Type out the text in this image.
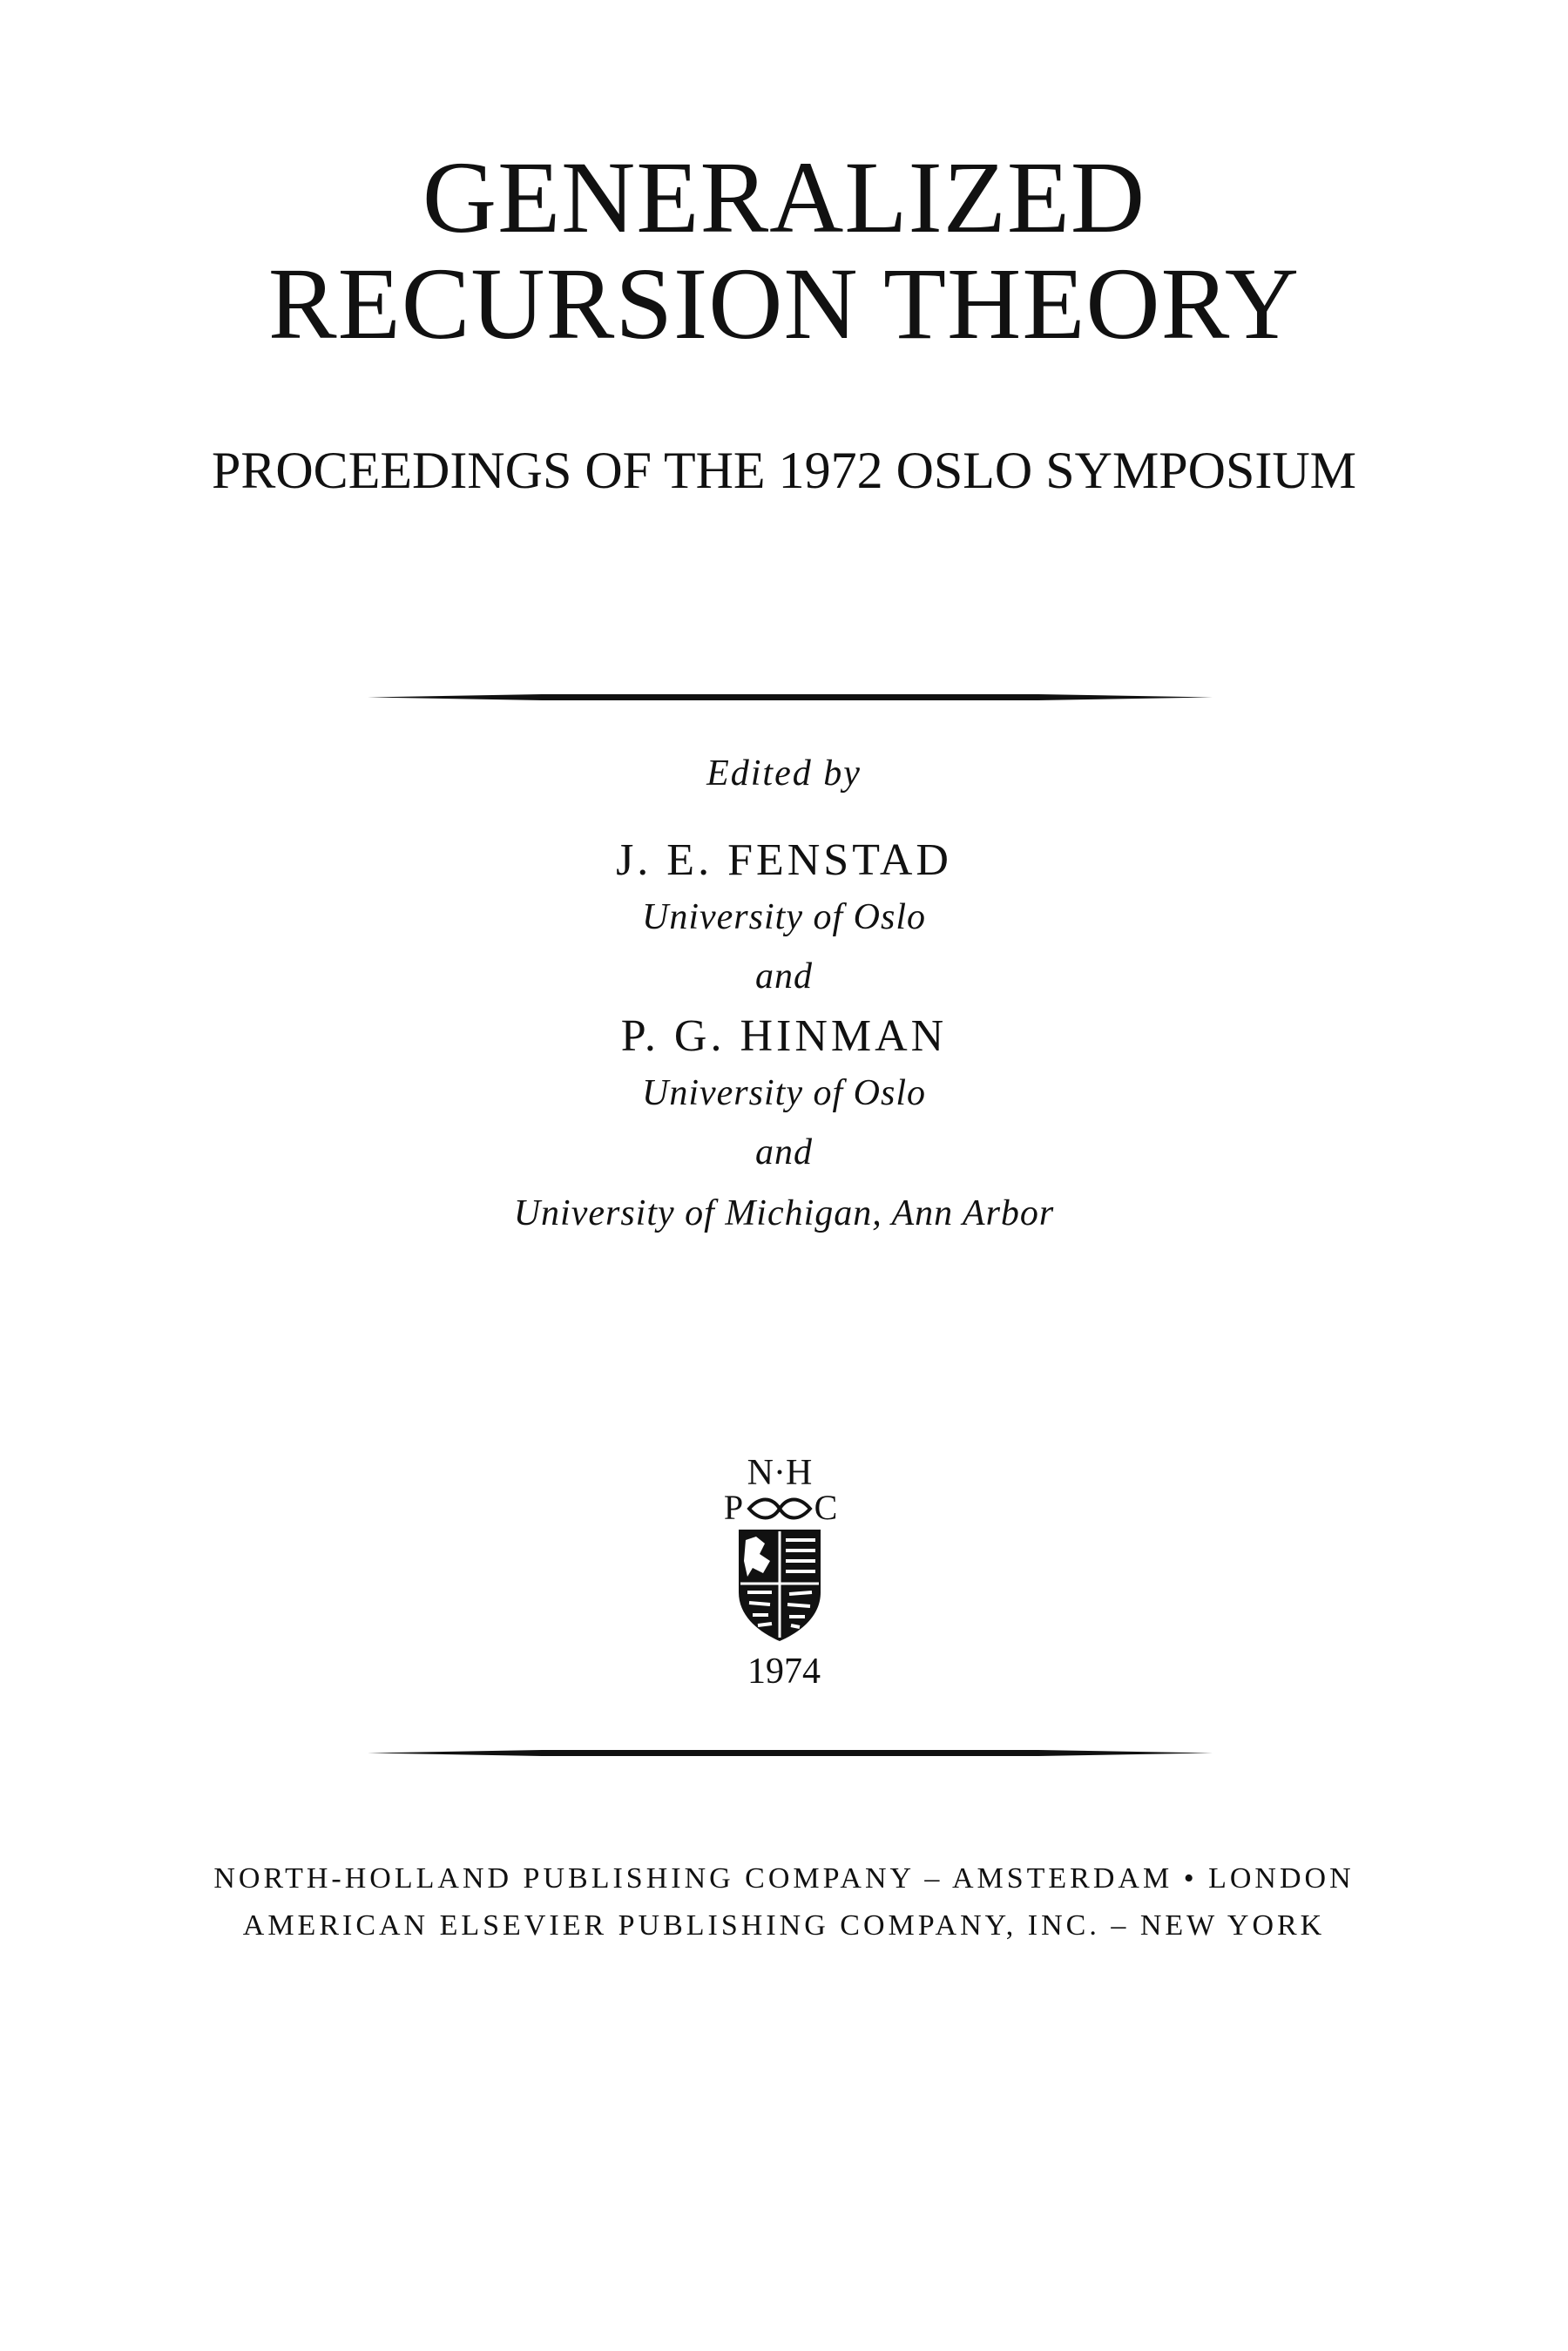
GENERALIZED
RECURSION THEORY
PROCEEDINGS OF THE 1972 OSLO SYMPOSIUM
Edited by
J. E. FENSTAD
University of Oslo
and
P. G. HINMAN
University of Oslo
and
University of Michigan, Ann Arbor
N·H
P C
1974
NORTH-HOLLAND PUBLISHING COMPANY – AMSTERDAM • LONDON
AMERICAN ELSEVIER PUBLISHING COMPANY, INC. – NEW YORK
